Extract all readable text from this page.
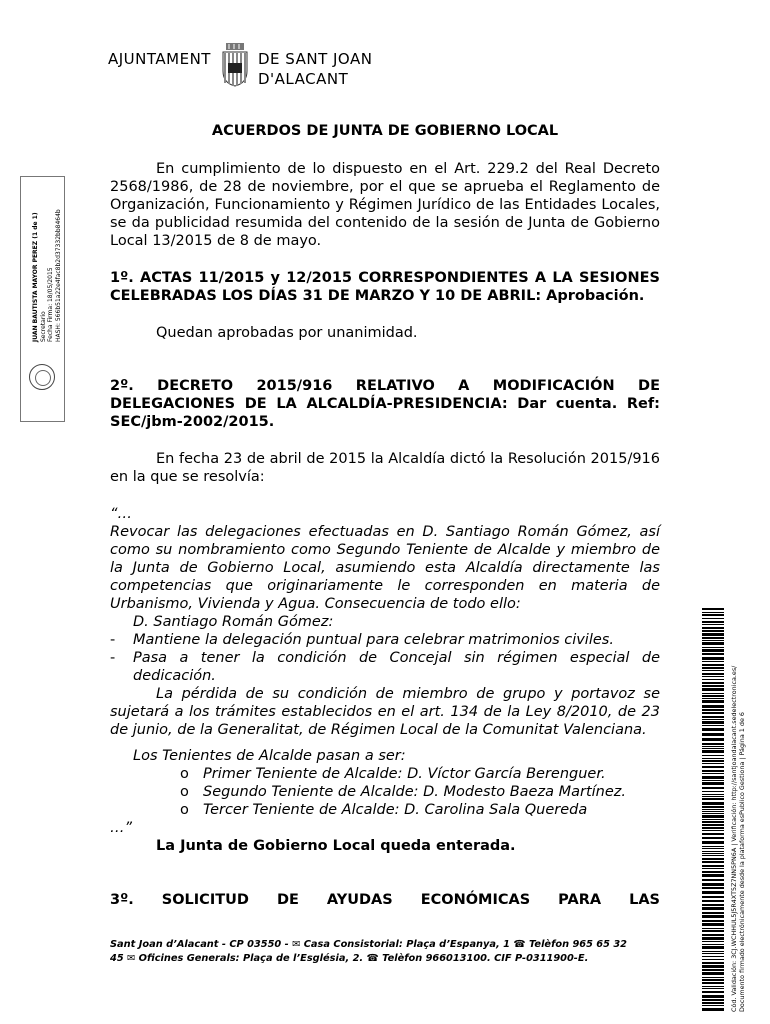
AJUNTAMENT	DE SANT JOAN
D'ALACANT
JUAN BAUTISTA MAYOR PEREZ (1 de 1) Secretario Fecha Firma: 18/05/2015 HASH: 566b51a22e4fac8b2d37332bb8464b
ACUERDOS DE JUNTA DE GOBIERNO LOCAL

En cumplimiento de lo dispuesto en el Art. 229.2 del Real Decreto 2568/1986, de 28 de noviembre, por el que se aprueba el Reglamento de Organización, Funcionamiento y Régimen Jurídico de las Entidades Locales, se da publicidad resumida del contenido de la sesión de Junta de Gobierno Local 13/2015 de 8 de mayo.

1º. ACTAS 11/2015 y 12/2015 CORRESPONDIENTES A LA SESIONES CELEBRADAS LOS DÍAS 31 DE MARZO Y 10 DE ABRIL: Aprobación.

Quedan aprobadas por unanimidad.

2º. DECRETO 2015/916 RELATIVO A MODIFICACIÓN DE DELEGACIONES DE LA ALCALDÍA-PRESIDENCIA: Dar cuenta. Ref: SEC/jbm-2002/2015.

En fecha 23 de abril de 2015 la Alcaldía dictó la Resolución 2015/916 en la que se resolvía:

“…

Revocar las delegaciones efectuadas en D. Santiago Román Gómez, así como su nombramiento como Segundo Teniente de Alcalde y miembro de la Junta de Gobierno Local, asumiendo esta Alcaldía directamente las competencias que originariamente le corresponden en materia de Urbanismo, Vivienda y Agua. Consecuencia de todo ello:

D. Santiago Román Gómez:

- Mantiene la delegación puntual para celebrar matrimonios civiles.

- Pasa a tener la condición de Concejal sin régimen especial de dedicación.

La pérdida de su condición de miembro de grupo y portavoz se sujetará a los trámites establecidos en el art. 134 de la Ley 8/2010, de 23 de junio, de la Generalitat, de Régimen Local de la Comunitat Valenciana.

Los Tenientes de Alcalde pasan a ser:

o Primer Teniente de Alcalde: D. Víctor García Berenguer.

o Segundo Teniente de Alcalde: D. Modesto Baeza Martínez.

o Tercer Teniente de Alcalde: D. Carolina Sala Quereda

…”

La Junta de Gobierno Local queda enterada.

3º. SOLICITUD DE AYUDAS ECONÓMICAS PARA LAS
Sant Joan d’Alacant - CP 03550 - ✉ Casa Consistorial: Plaça d’Espanya, 1 ☎ Telèfon 965 65 32
45 ✉ Oficines Generals: Plaça de l’Església, 2. ☎ Telèfon 966013100. CIF P-0311900-E.	Cód. Validación: 3CJ.WCHHUL5J5R4XT5Z7NN5PN6A | Verificación: http://santjoandalacant.sedelectronica.es/ Documento firmado electrónicamente desde la plataforma esPublico Gestiona | Página 1 de 6
